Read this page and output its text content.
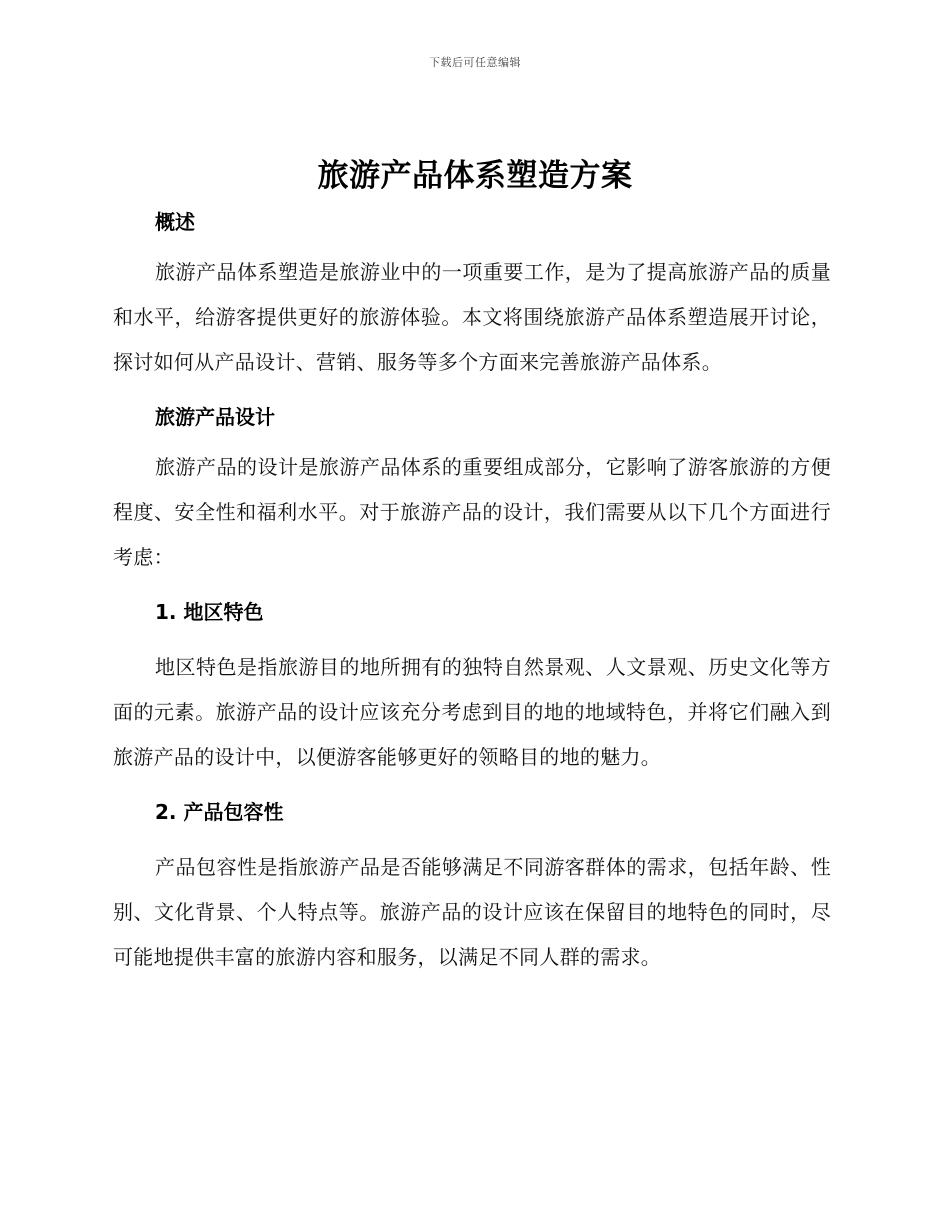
下载后可任意编辑
旅游产品体系塑造方案
概述

旅游产品体系塑造是旅游业中的一项重要工作，是为了提高旅游产品的质量和水平，给游客提供更好的旅游体验。本文将围绕旅游产品体系塑造展开讨论，探讨如何从产品设计、营销、服务等多个方面来完善旅游产品体系。

旅游产品设计

旅游产品的设计是旅游产品体系的重要组成部分，它影响了游客旅游的方便程度、安全性和福利水平。对于旅游产品的设计，我们需要从以下几个方面进行考虑：

1. 地区特色

地区特色是指旅游目的地所拥有的独特自然景观、人文景观、历史文化等方面的元素。旅游产品的设计应该充分考虑到目的地的地域特色，并将它们融入到旅游产品的设计中，以便游客能够更好的领略目的地的魅力。

2. 产品包容性

产品包容性是指旅游产品是否能够满足不同游客群体的需求，包括年龄、性别、文化背景、个人特点等。旅游产品的设计应该在保留目的地特色的同时，尽可能地提供丰富的旅游内容和服务，以满足不同人群的需求。
